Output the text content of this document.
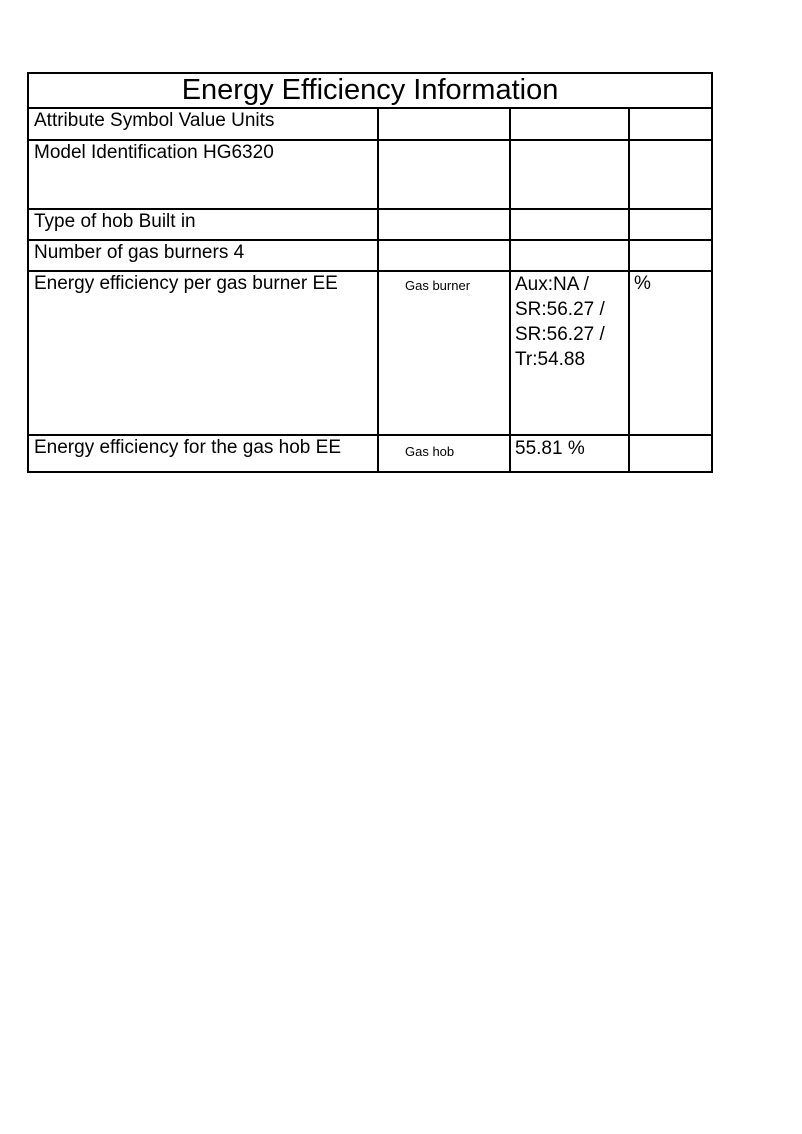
Energy Efficiency Information			
Attribute Symbol Value Units			
Model Identification HG6320			
Type of hob Built in			
Number of gas burners 4			
Energy efficiency per gas burner EE	Gas burner	Aux:NA /
SR:56.27 /
SR:56.27 /
Tr:54.88	%
Energy efficiency for the gas hob EE	Gas hob	55.81 %	
